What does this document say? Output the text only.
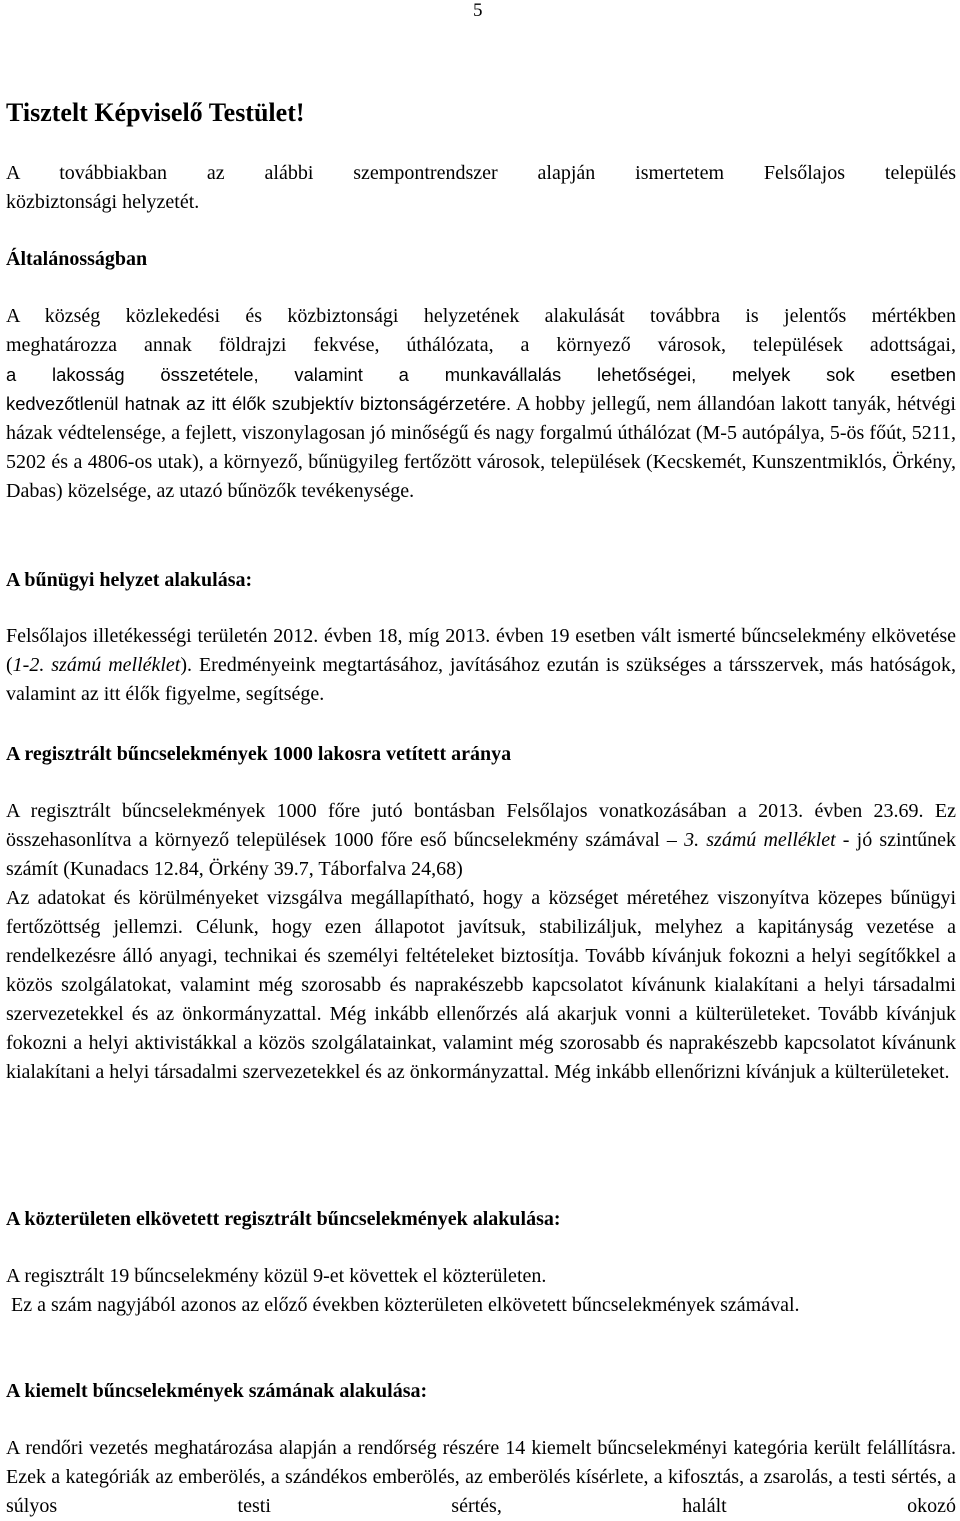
5
Tisztelt Képviselő Testület!
A továbbiakban az alábbi szempontrendszer alapján ismertetem Felsőlajos település
közbiztonsági helyzetét.
Általánosságban
A község közlekedési és közbiztonsági helyzetének alakulását továbbra is jelentős mértékben
meghatározza annak földrajzi fekvése, úthálózata, a környező városok, települések adottságai,
a lakosság összetétele, valamint a munkavállalás lehetőségei, melyek sok esetben
kedvezőtlenül hatnak az itt élők szubjektív biztonságérzetére. A hobby jellegű, nem állandóan lakott tanyák, hétvégi házak védtelensége, a fejlett, viszonylagosan jó minőségű és nagy forgalmú úthálózat (M-5 autópálya, 5-ös főút, 5211, 5202 és a 4806-os utak), a környező, bűnügyileg fertőzött városok, települések (Kecskemét, Kunszentmiklós, Örkény, Dabas) közelsége, az utazó bűnözők tevékenysége.
A bűnügyi helyzet alakulása:
Felsőlajos illetékességi területén 2012. évben 18, míg 2013. évben 19 esetben vált ismerté bűncselekmény elkövetése (1-2. számú melléklet). Eredményeink megtartásához, javításához ezután is szükséges a társszervek, más hatóságok, valamint az itt élők figyelme, segítsége.
A regisztrált bűncselekmények 1000 lakosra vetített aránya
A regisztrált bűncselekmények 1000 főre jutó bontásban Felsőlajos vonatkozásában a 2013. évben 23.69. Ez összehasonlítva a környező települések 1000 főre eső bűncselekmény számával – 3. számú melléklet - jó szintűnek számít (Kunadacs 12.84, Örkény 39.7, Táborfalva 24,68)
Az adatokat és körülményeket vizsgálva megállapítható, hogy a községet méretéhez viszonyítva közepes bűnügyi fertőzöttség jellemzi. Célunk, hogy ezen állapotot javítsuk, stabilizáljuk, melyhez a kapitányság vezetése a rendelkezésre álló anyagi, technikai és személyi feltételeket biztosítja. Tovább kívánjuk fokozni a helyi segítőkkel a közös szolgálatokat, valamint még szorosabb és naprakészebb kapcsolatot kívánunk kialakítani a helyi társadalmi szervezetekkel és az önkormányzattal. Még inkább ellenőrzés alá akarjuk vonni a külterületeket. Tovább kívánjuk fokozni a helyi aktivistákkal a közös szolgálatainkat, valamint még szorosabb és naprakészebb kapcsolatot kívánunk kialakítani a helyi társadalmi szervezetekkel és az önkormányzattal. Még inkább ellenőrizni kívánjuk a külterületeket.
A közterületen elkövetett regisztrált bűncselekmények alakulása:
A regisztrált 19 bűncselekmény közül 9-et követtek el közterületen.
Ez a szám nagyjából azonos az előző években közterületen elkövetett bűncselekmények számával.
A kiemelt bűncselekmények számának alakulása:
A rendőri vezetés meghatározása alapján a rendőrség részére 14 kiemelt bűncselekményi kategória került felállításra. Ezek a kategóriák az emberölés, a szándékos emberölés, az emberölés kísérlete, a kifosztás, a zsarolás, a testi sértés, a súlyos testi sértés, halált okozó
